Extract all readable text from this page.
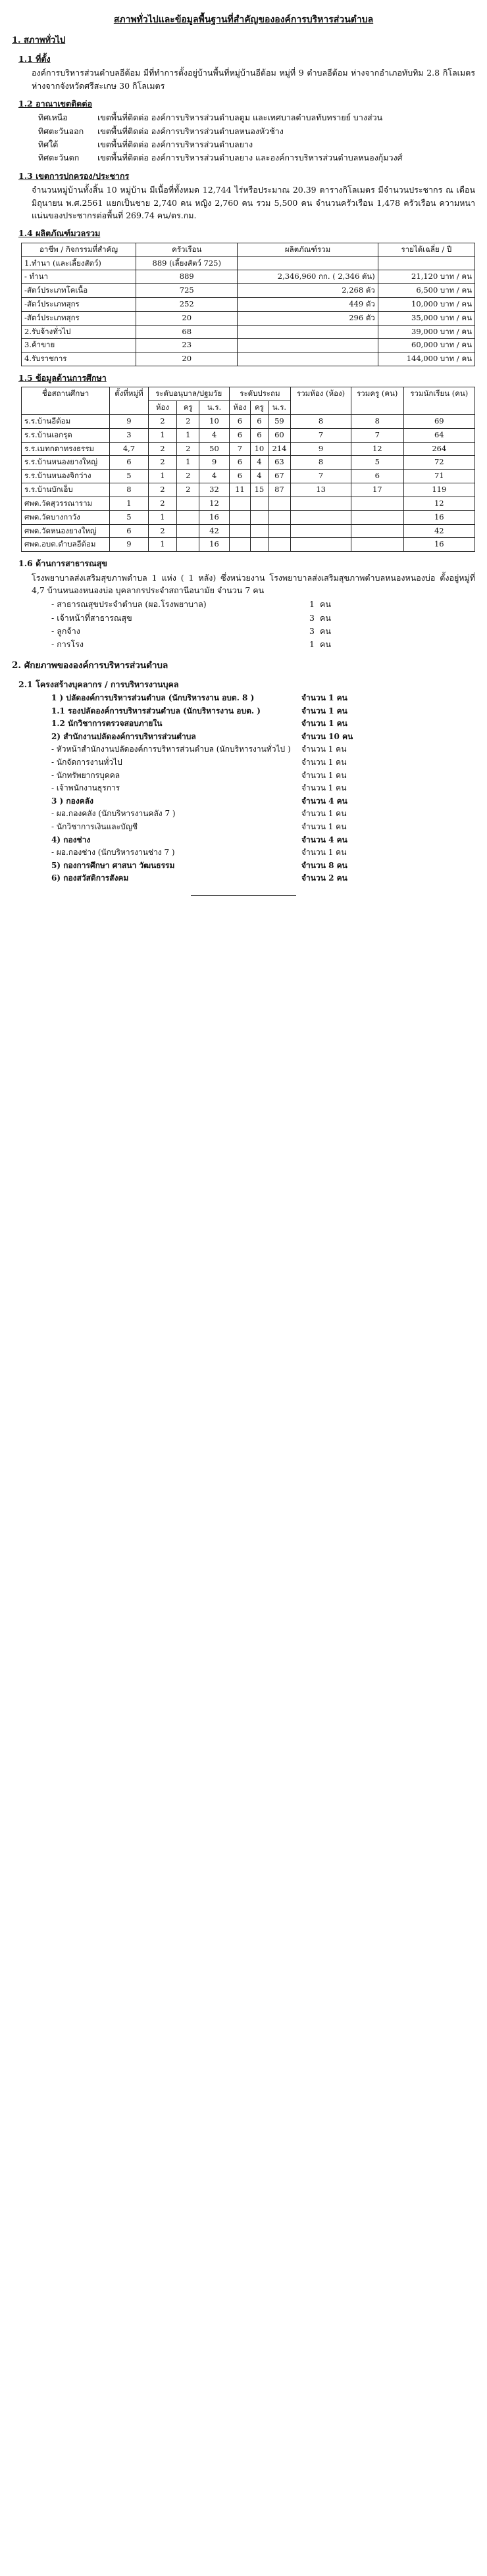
สภาพทั่วไปและข้อมูลพื้นฐานที่สำคัญขององค์การบริหารส่วนตำบล
1. สภาพทั่วไป
1.1 ที่ตั้ง
องค์การบริหารส่วนตำบลอีต้อม มีที่ทำการตั้งอยู่บ้านพื้นที่หมู่บ้านอีต้อม หมู่ที่ 9 ตำบลอีต้อม ห่างจากอำเภอทับทิม 2.8 กิโลเมตร ห่างจากจังหวัดศรีสะเกษ 30 กิโลเมตร
1.2 อาณาเขตติดต่อ
ทิศเหนือ	เขตพื้นที่ติดต่อ องค์การบริหารส่วนตำบลตูม และเทศบาลตำบลทับทรายย์ บางส่วน
ทิศตะวันออก	เขตพื้นที่ติดต่อ องค์การบริหารส่วนตำบลหนองหัวช้าง
ทิศใต้	เขตพื้นที่ติดต่อ องค์การบริหารส่วนตำบลยาง
ทิศตะวันตก	เขตพื้นที่ติดต่อ องค์การบริหารส่วนตำบลยาง และองค์การบริหารส่วนตำบลหนองกุ้มวงศ์
1.3 เขตการปกครอง/ประชากร
จำนวนหมู่บ้านทั้งสิ้น 10 หมู่บ้าน มีเนื้อที่ทั้งหมด 12,744 ไร่หรือประมาณ 20.39 ตารางกิโลเมตร มีจำนวนประชากร ณ เดือน มิถุนายน พ.ศ.2561 แยกเป็นชาย 2,740 คน หญิง 2,760 คน รวม 5,500 คน จำนวนครัวเรือน 1,478 ครัวเรือน ความหนาแน่นของประชากรต่อพื้นที่ 269.74 คน/ตร.กม.
1.4 ผลิตภัณฑ์มวลรวม
อาชีพ / กิจกรรมที่สำคัญ	ครัวเรือน	ผลิตภัณฑ์รวม	รายได้เฉลี่ย / ปี
1.ทำนา (และเลี้ยงสัตว์)	889 (เลี้ยงสัตว์ 725)		
- ทำนา	889	2,346,960 กก. ( 2,346 ตัน)	21,120 บาท / คน
-สัตว์ประเภทโคเนื้อ	725	2,268 ตัว	6,500 บาท / คน
-สัตว์ประเภทสุกร	252	449 ตัว	10,000 บาท / คน
-สัตว์ประเภทสุกร	20	296 ตัว	35,000 บาท / คน
2.รับจ้างทั่วไป	68		39,000 บาท / คน
3.ค้าขาย	23		60,000 บาท / คน
4.รับราชการ	20		144,000 บาท / คน
1.5 ข้อมูลด้านการศึกษา
ชื่อสถานศึกษา	ตั้งที่หมู่ที่	ระดับอนุบาล/ปฐมวัย			ระดับประถม			รวมห้อง (ห้อง)	รวมครู (คน)	รวมนักเรียน (คน)
		ห้อง	ครู	น.ร.	ห้อง	ครู	น.ร.			
ร.ร.บ้านอีต้อม	9	2	2	10	6	6	59	8	8	69
ร.ร.บ้านเอกรุด	3	1	1	4	6	6	60	7	7	64
ร.ร.เมทกดาทรงธรรม	4,7	2	2	50	7	10	214	9	12	264
ร.ร.บ้านหนองยางใหญ่	6	2	1	9	6	4	63	8	5	72
ร.ร.บ้านหนองจิกว่าง	5	1	2	4	6	4	67	7	6	71
ร.ร.บ้านบักเอ็บ	8	2	2	32	11	15	87	13	17	119
ศพด.วัดสุวรรณาราม	1	2		12						12
ศพด.วัดบางกาวัง	5	1		16						16
ศพด.วัดหนองยางใหญ่	6	2		42						42
ศพด.อบต.ตำบลอีต้อม	9	1		16						16
1.6 ด้านการสาธารณสุข
โรงพยาบาลส่งเสริมสุขภาพตำบล 1 แห่ง ( 1 หลัง) ซึ่งหน่วยงาน โรงพยาบาลส่งเสริมสุขภาพตำบลหนองหนองบ่อ ตั้งอยู่หมู่ที่ 4,7 บ้านหนองหนองบ่อ บุคลากรประจำสถานีอนามัย จำนวน 7 คน
- สาธารณสุขประจำตำบล (ผอ.โรงพยาบาล)	1 คน
- เจ้าหน้าที่สาธารณสุข	3 คน
- ลูกจ้าง	3 คน
- การโรง	1 คน
2. ศักยภาพขององค์การบริหารส่วนตำบล
2.1 โครงสร้างบุคลากร / การบริหารงานบุคล
1 ) ปลัดองค์การบริหารส่วนตำบล (นักบริหารงาน อบต. 8 )	จำนวน 1 คน
1.1 รองปลัดองค์การบริหารส่วนตำบล (นักบริหารงาน อบต. )	จำนวน 1 คน
1.2 นักวิชาการตรวจสอบภายใน	จำนวน 1 คน
2) สำนักงานปลัดองค์การบริหารส่วนตำบล	จำนวน 10 คน
- หัวหน้าสำนักงานปลัดองค์การบริหารส่วนตำบล (นักบริหารงานทั่วไป )	จำนวน 1 คน
- นักจัดการงานทั่วไป	จำนวน 1 คน
- นักทรัพยากรบุคคล	จำนวน 1 คน
- เจ้าพนักงานธุรการ	จำนวน 1 คน
3 ) กองคลัง	จำนวน 4 คน
- ผอ.กองคลัง (นักบริหารงานคลัง 7 )	จำนวน 1 คน
- นักวิชาการเงินและบัญชี	จำนวน 1 คน
4) กองช่าง	จำนวน 4 คน
- ผอ.กองช่าง (นักบริหารงานช่าง 7 )	จำนวน 1 คน
5) กองการศึกษา ศาสนา วัฒนธรรม	จำนวน 8 คน
6) กองสวัสดิการสังคม	จำนวน 2 คน
